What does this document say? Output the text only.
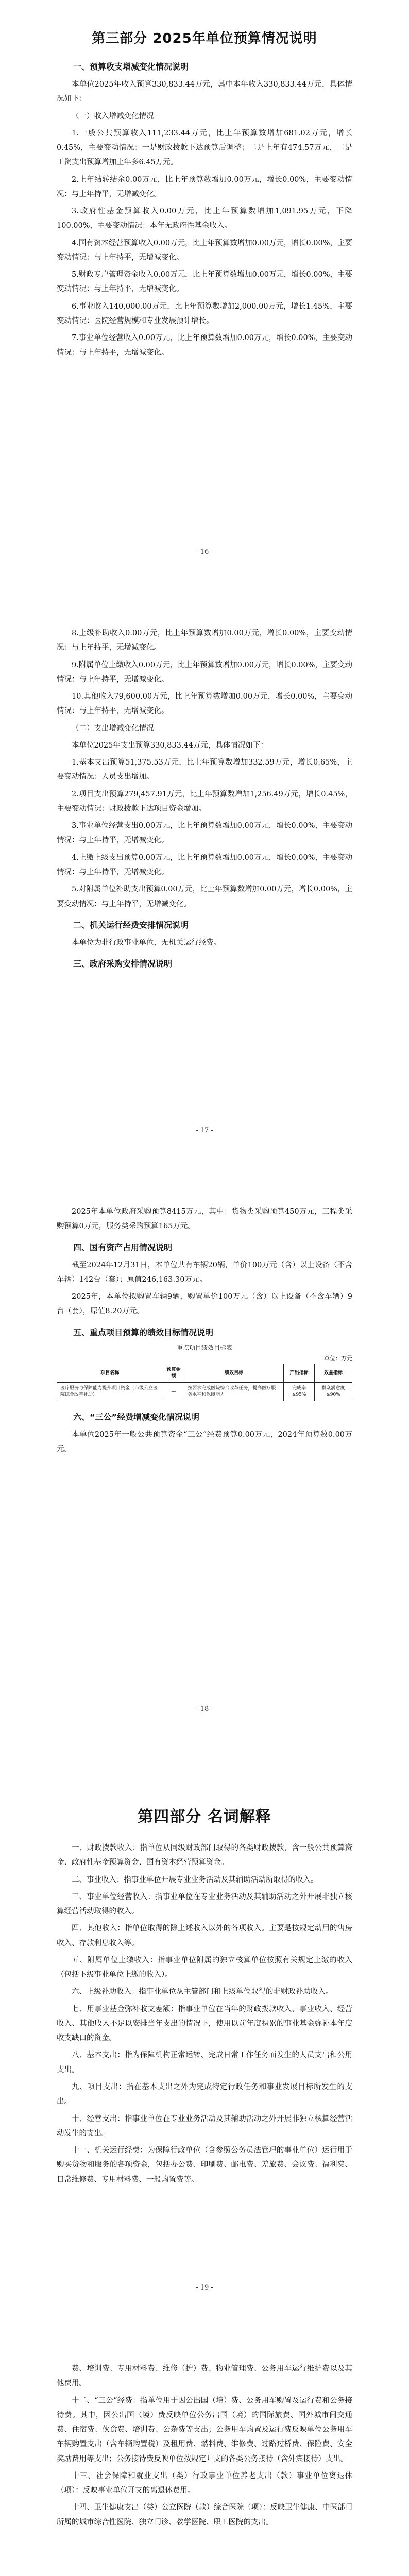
第三部分 2025年单位预算情况说明
一、预算收支增减变化情况说明

本单位2025年收入预算330,833.44万元，其中本年收入330,833.44万元，具体情况如下：

（一）收入增减变化情况

1.一般公共预算收入111,233.44万元，比上年预算数增加681.02万元，增长0.45%，主要变动情况：一是财政拨款下达预算后调整；二是上年有474.57万元，二是工资支出预算增加上年多6.45万元。

2.上年结转结余0.00万元，比上年预算数增加0.00万元，增长0.00%，主要变动情况：与上年持平，无增减变化。

3.政府性基金预算收入0.00万元，比上年预算数增加1,091.95万元，下降100.00%，主要变动情况：本年无政府性基金收入。

4.国有资本经营预算收入0.00万元，比上年预算数增加0.00万元，增长0.00%，主要变动情况：与上年持平，无增减变化。

5.财政专户管理资金收入0.00万元，比上年预算数增加0.00万元，增长0.00%，主要变动情况：与上年持平，无增减变化。

6.事业收入140,000.00万元，比上年预算数增加2,000.00万元，增长1.45%，主要变动情况：医院经营规模和专业发展预计增长。

7.事业单位经营收入0.00万元，比上年预算数增加0.00万元，增长0.00%，主要变动情况：与上年持平，无增减变化。

- 16 -

8.上级补助收入0.00万元，比上年预算数增加0.00万元，增长0.00%，主要变动情况：与上年持平，无增减变化。

9.附属单位上缴收入0.00万元，比上年预算数增加0.00万元，增长0.00%，主要变动情况：与上年持平，无增减变化。

10.其他收入79,600.00万元，比上年预算数增加0.00万元，增长0.00%，主要变动情况：与上年持平，无增减变化。

（二）支出增减变化情况

本单位2025年支出预算330,833.44万元，具体情况如下：

1.基本支出预算51,375.53万元，比上年预算数增加332.59万元，增长0.65%，主要变动情况：人员支出增加。

2.项目支出预算279,457.91万元，比上年预算数增加1,256.49万元，增长0.45%，主要变动情况：财政拨款下达项目资金增加。

3.事业单位经营支出0.00万元，比上年预算数增加0.00万元，增长0.00%，主要变动情况：与上年持平，无增减变化。

4.上缴上级支出预算0.00万元，比上年预算数增加0.00万元，增长0.00%，主要变动情况：与上年持平，无增减变化。

5.对附属单位补助支出预算0.00万元，比上年预算数增加0.00万元，增长0.00%，主要变动情况：与上年持平，无增减变化。

二、机关运行经费安排情况说明

本单位为非行政事业单位，无机关运行经费。

三、政府采购安排情况说明
- 17 -

2025年本单位政府采购预算8415万元，其中：货物类采购预算450万元，工程类采购预算0万元，服务类采购预算165万元。

四、国有资产占用情况说明

截至2024年12月31日，本单位共有车辆20辆，单价100万元（含）以上设备（不含车辆）142台（套）；原值246,163.30万元。

2025年，本单位拟购置车辆9辆，购置单价100万元（含）以上设备（不含车辆）9台（套），原值8.20万元。

五、重点项目预算的绩效目标情况说明
重点项目绩效目标表
单位：万元
项目名称	预算金额	绩效目标	产出指标	效益指标
医疗服务与保障能力提升项目资金（市级公立医院综合改革补助）	—	按要求完成医院综合改革任务，提高医疗服务水平和保障能力	完成率≥95%	群众满意度≥90%
六、“三公”经费增减变化情况说明

本单位2025年一般公共预算资金“三公”经费预算0.00万元，2024年预算数0.00万元。

- 18 -
第四部分 名词解释

一、财政拨款收入：指单位从同级财政部门取得的各类财政拨款，含一般公共预算资金、政府性基金预算资金、国有资本经营预算资金。

二、事业收入：指事业单位开展专业业务活动及其辅助活动所取得的收入。

三、事业单位经营收入：指事业单位在专业业务活动及其辅助活动之外开展非独立核算经营活动取得的收入。

四、其他收入：指单位取得的除上述收入以外的各项收入。主要是按规定动用的售房收入、存款利息收入等。

五、附属单位上缴收入：指事业单位附属的独立核算单位按照有关规定上缴的收入（包括下级事业单位上缴的收入）。

六、上级补助收入：指事业单位从主管部门和上级单位取得的非财政补助收入。

七、用事业基金弥补收支差额：指事业单位在当年的财政拨款收入、事业收入、经营收入、其他收入不足以安排当年支出的情况下，使用以前年度积累的事业基金弥补本年度收支缺口的资金。

八、基本支出：指为保障机构正常运转、完成日常工作任务而发生的人员支出和公用支出。

九、项目支出：指在基本支出之外为完成特定行政任务和事业发展目标所发生的支出。

十、经营支出：指事业单位在专业业务活动及其辅助活动之外开展非独立核算经营活动发生的支出。

十一、机关运行经费：为保障行政单位（含参照公务员法管理的事业单位）运行用于购买货物和服务的各项资金，包括办公费、印刷费、邮电费、差旅费、会议费、福利费、日常维修费、专用材料费、一般购置费等。

- 19 -

费、培训费、专用材料费、维修（护）费、物业管理费、公务用车运行维护费以及其他费用。

十二、“三公”经费：指单位用于因公出国（境）费、公务用车购置及运行费和公务接待费。其中，因公出国（境）费反映单位公务出国（境）的国际旅费、国外城市间交通费、住宿费、伙食费、培训费、公杂费等支出；公务用车购置及运行费反映单位公务用车车辆购置支出（含车辆购置税）及租用费、燃料费、维修费、过路过桥费、保险费、安全奖励费用等支出；公务接待费反映单位按规定开支的各类公务接待（含外宾接待）支出。

十三、社会保障和就业支出（类）行政事业单位养老支出（款）事业单位离退休（项）：反映事业单位开支的离退休费用。

十四、卫生健康支出（类）公立医院（款）综合医院（项）：反映卫生健康、中医部门所属的城市综合性医院、独立门诊、教学医院、职工医院的支出。
